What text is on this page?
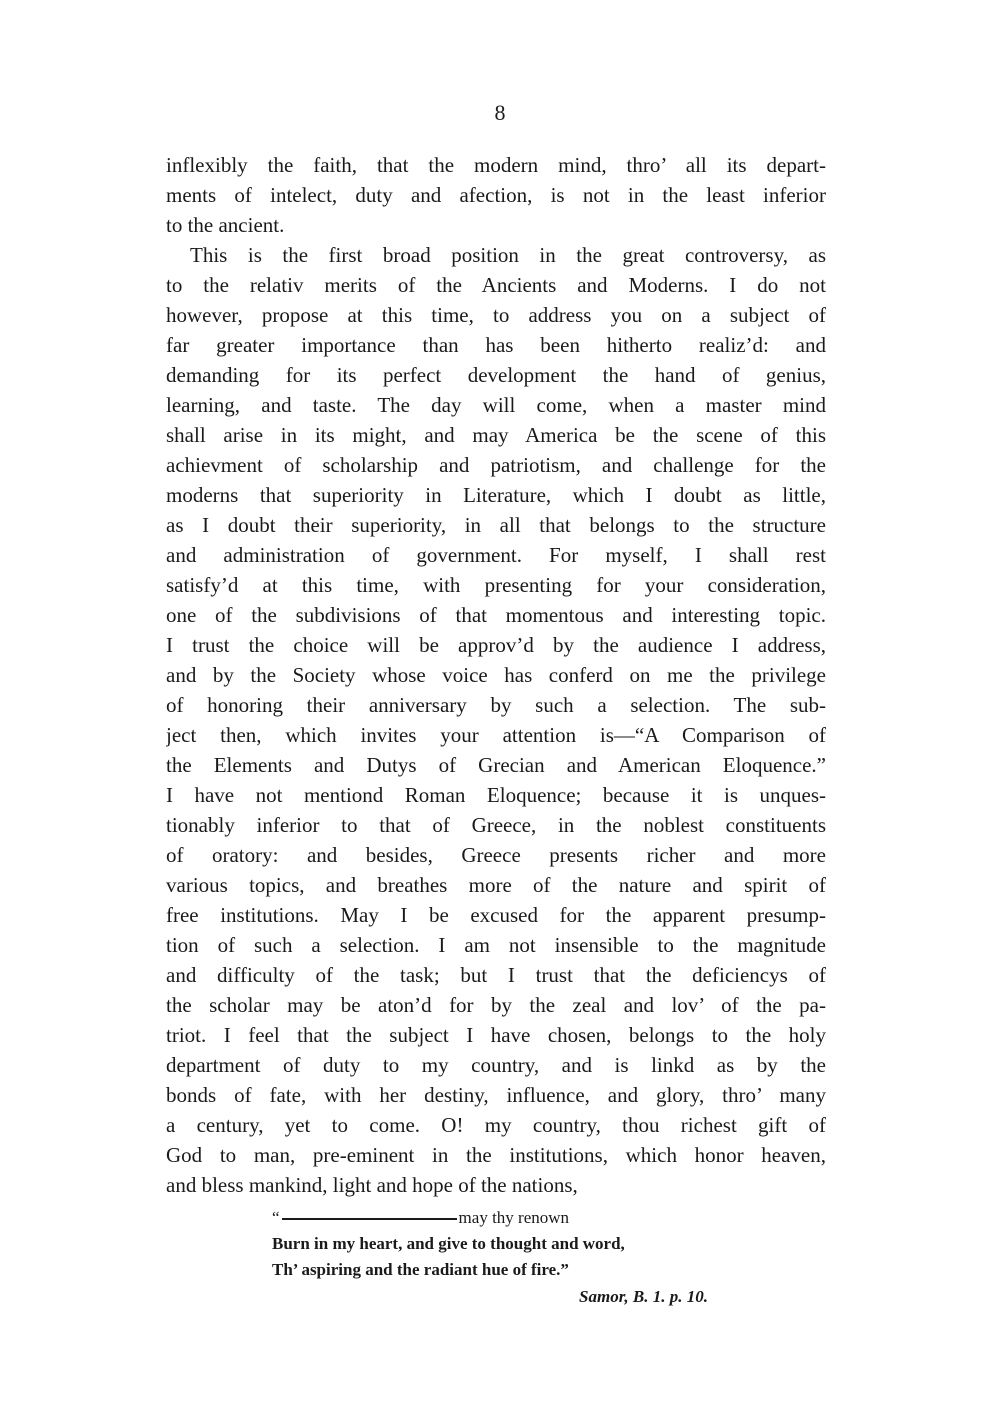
8
inflexibly the faith, that the modern mind, thro’ all its depart-
ments of intelect, duty and afection, is not in the least inferior
to the ancient.
This is the first broad position in the great controversy, as
to the relativ merits of the Ancients and Moderns. I do not
however, propose at this time, to address you on a subject of
far greater importance than has been hitherto realiz’d: and
demanding for its perfect development the hand of genius,
learning, and taste. The day will come, when a master mind
shall arise in its might, and may America be the scene of this
achievment of scholarship and patriotism, and challenge for the
moderns that superiority in Literature, which I doubt as little,
as I doubt their superiority, in all that belongs to the structure
and administration of government. For myself, I shall rest
satisfy’d at this time, with presenting for your consideration,
one of the subdivisions of that momentous and interesting topic.
I trust the choice will be approv’d by the audience I address,
and by the Society whose voice has conferd on me the privilege
of honoring their anniversary by such a selection. The sub-
ject then, which invites your attention is—“A Comparison of
the Elements and Dutys of Grecian and American Eloquence.”
I have not mentiond Roman Eloquence; because it is unques-
tionably inferior to that of Greece, in the noblest constituents
of oratory: and besides, Greece presents richer and more
various topics, and breathes more of the nature and spirit of
free institutions. May I be excused for the apparent presump-
tion of such a selection. I am not insensible to the magnitude
and difficulty of the task; but I trust that the deficiencys of
the scholar may be aton’d for by the zeal and lov’ of the pa-
triot. I feel that the subject I have chosen, belongs to the holy
department of duty to my country, and is linkd as by the
bonds of fate, with her destiny, influence, and glory, thro’ many
a century, yet to come. O! my country, thou richest gift of
God to man, pre-eminent in the institutions, which honor heaven,
and bless mankind, light and hope of the nations,
“	may thy renown
Burn in my heart, and give to thought and word,
Th’ aspiring and the radiant hue of fire.”
Samor, B. 1. p. 10.
